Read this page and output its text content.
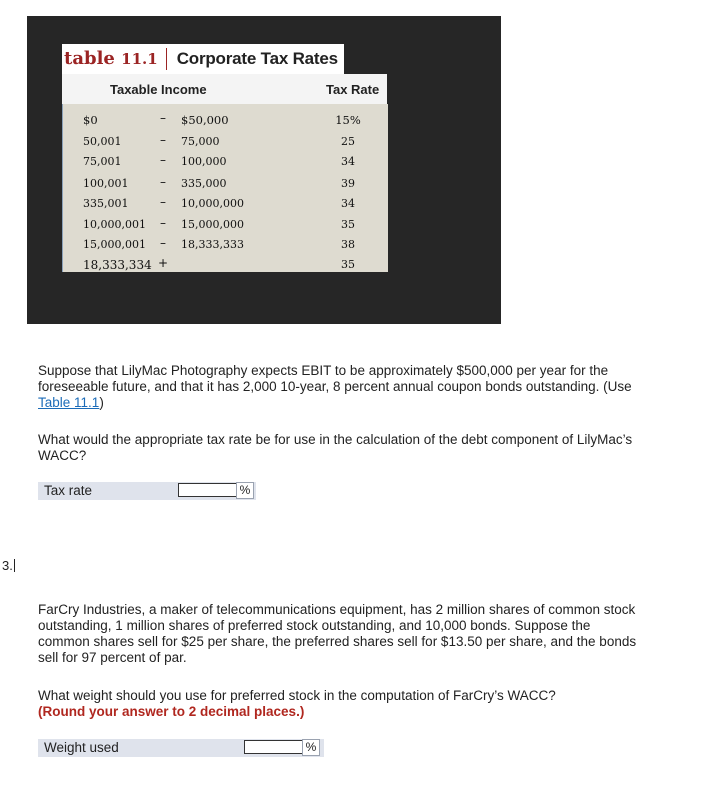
table 11.1	Corporate Tax Rates
Taxable Income	Tax Rate
$0	– $50,000	15%
50,001	– 75,000	25
75,001	– 100,000	34
100,001	– 335,000	39
335,001	– 10,000,000	34
10,000,001 – 15,000,000	35
15,000,001 – 18,333,333	38
18,333,334 +	35
Suppose that LilyMac Photography expects EBIT to be approximately $500,000 per year for the foreseeable future, and that it has 2,000 10-year, 8 percent annual coupon bonds outstanding. (Use Table 11.1)
What would the appropriate tax rate be for use in the calculation of the debt component of LilyMac’s WACC?
Tax rate	%
3.
FarCry Industries, a maker of telecommunications equipment, has 2 million shares of common stock outstanding, 1 million shares of preferred stock outstanding, and 10,000 bonds. Suppose the common shares sell for $25 per share, the preferred shares sell for $13.50 per share, and the bonds sell for 97 percent of par.
What weight should you use for preferred stock in the computation of FarCry’s WACC?
(Round your answer to 2 decimal places.)
Weight used	%
